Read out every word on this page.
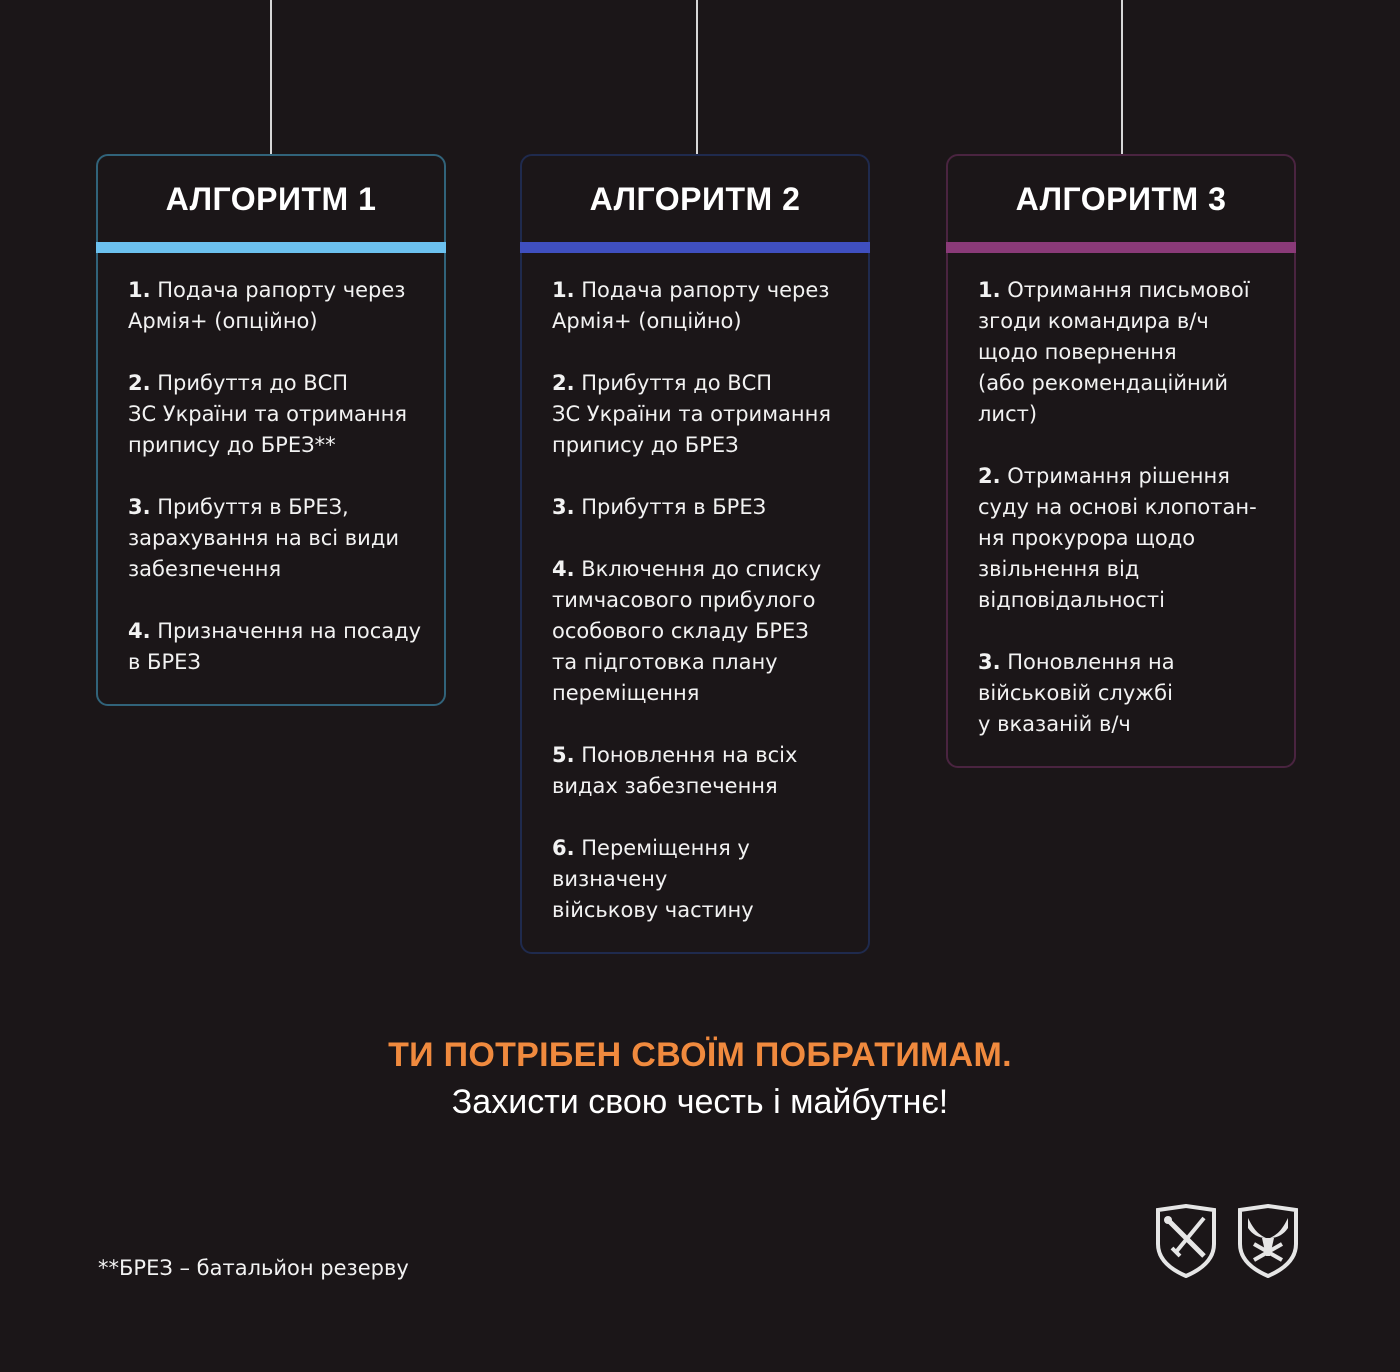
АЛГОРИТМ 1
1. Подача рапорту через
Армія+ (опційно)
2. Прибуття до ВСП
ЗС України та отримання
припису до БРЕЗ**
3. Прибуття в БРЕЗ,
зарахування на всі види
забезпечення
4. Призначення на посаду
в БРЕЗ
АЛГОРИТМ 2
1. Подача рапорту через
Армія+ (опційно)
2. Прибуття до ВСП
ЗС України та отримання
припису до БРЕЗ
3. Прибуття в БРЕЗ
4. Включення до списку
тимчасового прибулого
особового складу БРЕЗ
та підготовка плану
переміщення
5. Поновлення на всіх
видах забезпечення
6. Переміщення у
визначену
військову частину
АЛГОРИТМ 3
1. Отримання письмової
згоди командира в/ч
щодо повернення
(або рекомендаційний
лист)
2. Отримання рішення
суду на основі клопотан-
ня прокурора щодо
звільнення від
відповідальності
3. Поновлення на
військовій службі
у вказаній в/ч
ТИ ПОТРІБЕН СВОЇМ ПОБРАТИМАМ.
Захисти свою честь і майбутнє!
**БРЕЗ – батальйон резерву
